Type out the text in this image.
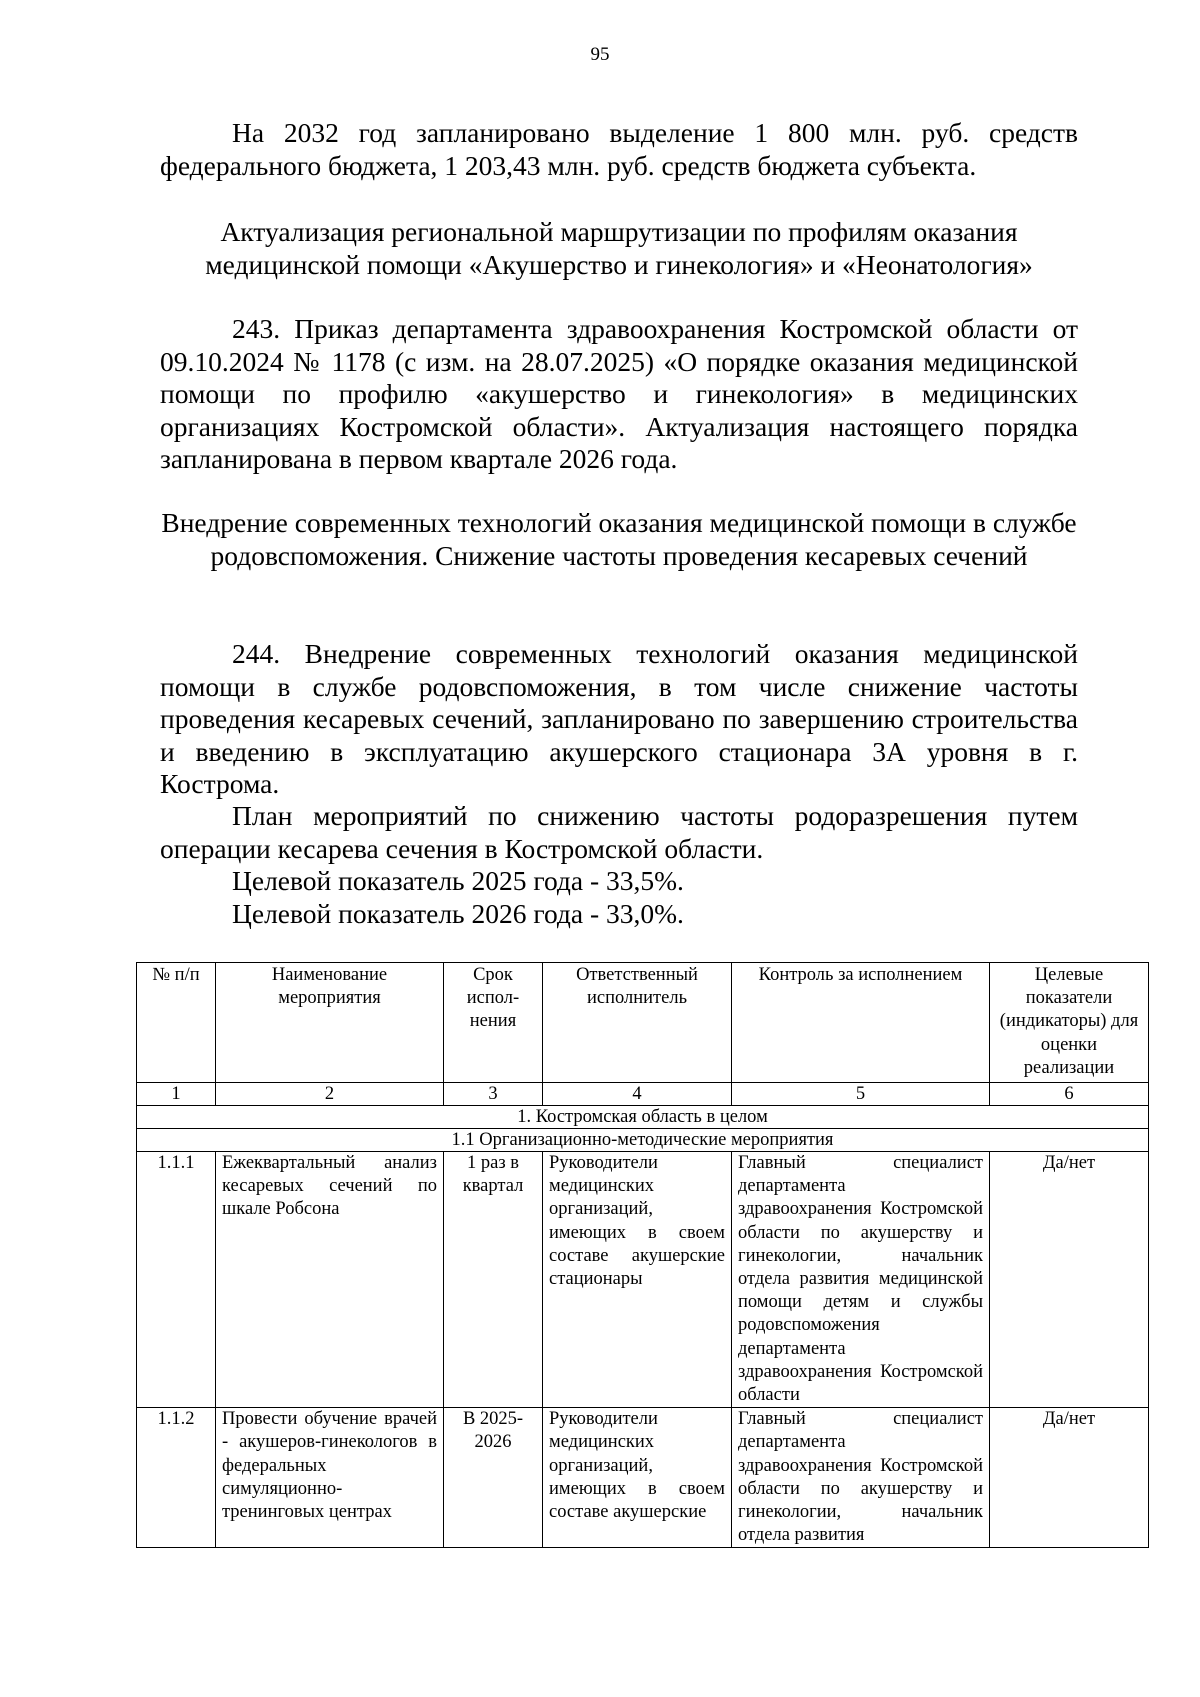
95

На 2032 год запланировано выделение 1 800 млн. руб. средств федерального бюджета, 1 203,43 млн. руб. средств бюджета субъекта.

Актуализация региональной маршрутизации по профилям оказания медицинской помощи «Акушерство и гинекология» и «Неонатология»

243. Приказ департамента здравоохранения Костромской области от 09.10.2024 № 1178 (с изм. на 28.07.2025) «О порядке оказания медицинской помощи по профилю «акушерство и гинекология» в медицинских организациях Костромской области». Актуализация настоящего порядка запланирована в первом квартале 2026 года.

Внедрение современных технологий оказания медицинской помощи в службе родовспоможения. Снижение частоты проведения кесаревых сечений

244. Внедрение современных технологий оказания медицинской помощи в службе родовспоможения, в том числе снижение частоты проведения кесаревых сечений, запланировано по завершению строительства и введению в эксплуатацию акушерского стационара 3А уровня в г. Кострома.

План мероприятий по снижению частоты родоразрешения путем операции кесарева сечения в Костромской области.

Целевой показатель 2025 года - 33,5%.

Целевой показатель 2026 года - 33,0%.

№ п/п	Наименование мероприятия	Срок испол-нения	Ответственный исполнитель	Контроль за исполнением	Целевые показатели (индикаторы) для оценки реализации
1	2	3	4	5	6
1. Костромская область в целом					
1.1 Организационно-методические мероприятия					
1.1.1	Ежеквартальный анализ кесаревых сечений по шкале Робсона	1 раз в квартал	Руководители медицинских организаций, имеющих в своем составе акушерские стационары	Главный специалист департамента здравоохранения Костромской области по акушерству и гинекологии, начальник отдела развития медицинской помощи детям и службы родовспоможения департамента здравоохранения Костромской области	Да/нет
1.1.2	Провести обучение врачей - акушеров-гинекологов в федеральных симуляционно-тренинговых центрах	В 2025-2026	Руководители медицинских организаций, имеющих в своем составе акушерские	Главный специалист департамента здравоохранения Костромской области по акушерству и гинекологии, начальник отдела развития	Да/нет
